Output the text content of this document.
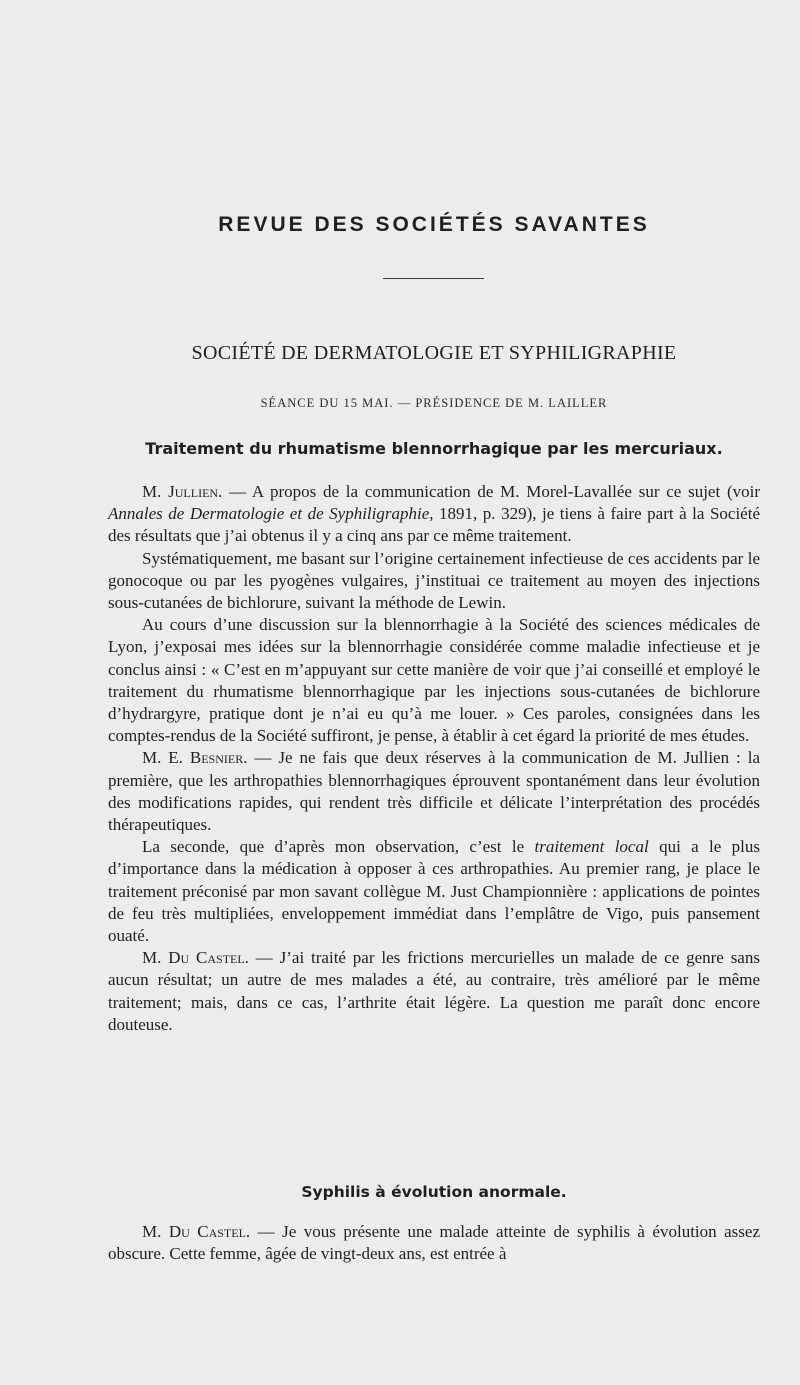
REVUE DES SOCIÉTÉS SAVANTES
SOCIÉTÉ DE DERMATOLOGIE ET SYPHILIGRAPHIE
SÉANCE DU 15 MAI. — PRÉSIDENCE DE M. LAILLER
Traitement du rhumatisme blennorrhagique par les mercuriaux.

M. Jullien. — A propos de la communication de M. Morel-Lavallée sur ce sujet (voir Annales de Dermatologie et de Syphiligraphie, 1891, p. 329), je tiens à faire part à la Société des résultats que j’ai obtenus il y a cinq ans par ce même traitement.

Systématiquement, me basant sur l’origine certainement infectieuse de ces accidents par le gonocoque ou par les pyogènes vulgaires, j’instituai ce traitement au moyen des injections sous-cutanées de bichlorure, suivant la méthode de Lewin.

Au cours d’une discussion sur la blennorrhagie à la Société des sciences médicales de Lyon, j’exposai mes idées sur la blennorrhagie considérée comme maladie infectieuse et je conclus ainsi : « C’est en m’appuyant sur cette manière de voir que j’ai conseillé et employé le traitement du rhumatisme blennorrhagique par les injections sous-cutanées de bichlorure d’hydrargyre, pratique dont je n’ai eu qu’à me louer. » Ces paroles, consignées dans les comptes-rendus de la Société suffiront, je pense, à établir à cet égard la priorité de mes études.

M. E. Besnier. — Je ne fais que deux réserves à la communication de M. Jullien : la première, que les arthropathies blennorrhagiques éprouvent spontanément dans leur évolution des modifications rapides, qui rendent très difficile et délicate l’interprétation des procédés thérapeutiques.

La seconde, que d’après mon observation, c’est le traitement local qui a le plus d’importance dans la médication à opposer à ces arthropathies. Au premier rang, je place le traitement préconisé par mon savant collègue M. Just Championnière : applications de pointes de feu très multipliées, enveloppement immédiat dans l’emplâtre de Vigo, puis pansement ouaté.

M. Du Castel. — J’ai traité par les frictions mercurielles un malade de ce genre sans aucun résultat; un autre de mes malades a été, au contraire, très amélioré par le même traitement; mais, dans ce cas, l’arthrite était légère. La question me paraît donc encore douteuse.

Syphilis à évolution anormale.

M. Du Castel. — Je vous présente une malade atteinte de syphilis à évolution assez obscure. Cette femme, âgée de vingt-deux ans, est entrée à
